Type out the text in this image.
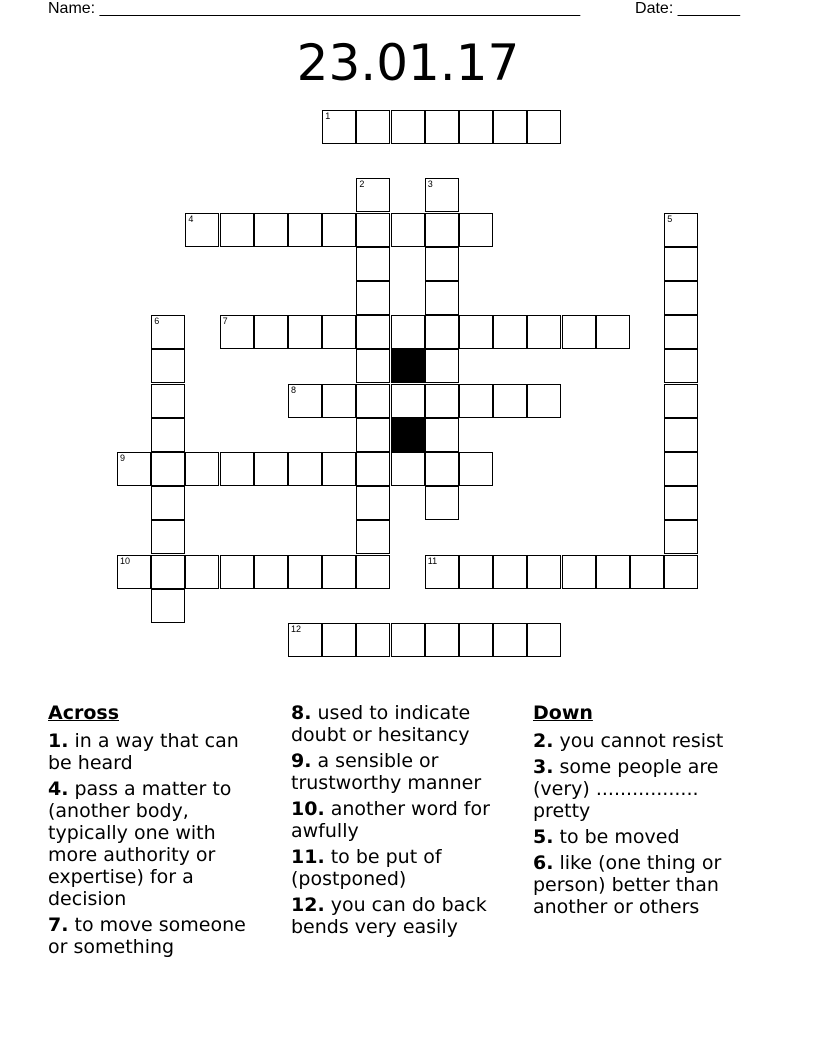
Name: ______________________________________________________	Date: _______
23.01.17
1
2	3
4	5
6	7
8
9
10	11
12
Across
1. in a way that can be heard
4. pass a matter to (another body, typically one with more authority or expertise) for a decision
7. to move someone or something
8. used to indicate doubt or hesitancy
9. a sensible or trustworthy manner
10. another word for awfully
11. to be put of (postponed)
12. you can do back bends very easily
Down
2. you cannot resist
3. some people are (very) ................. pretty
5. to be moved
6. like (one thing or person) better than another or others
